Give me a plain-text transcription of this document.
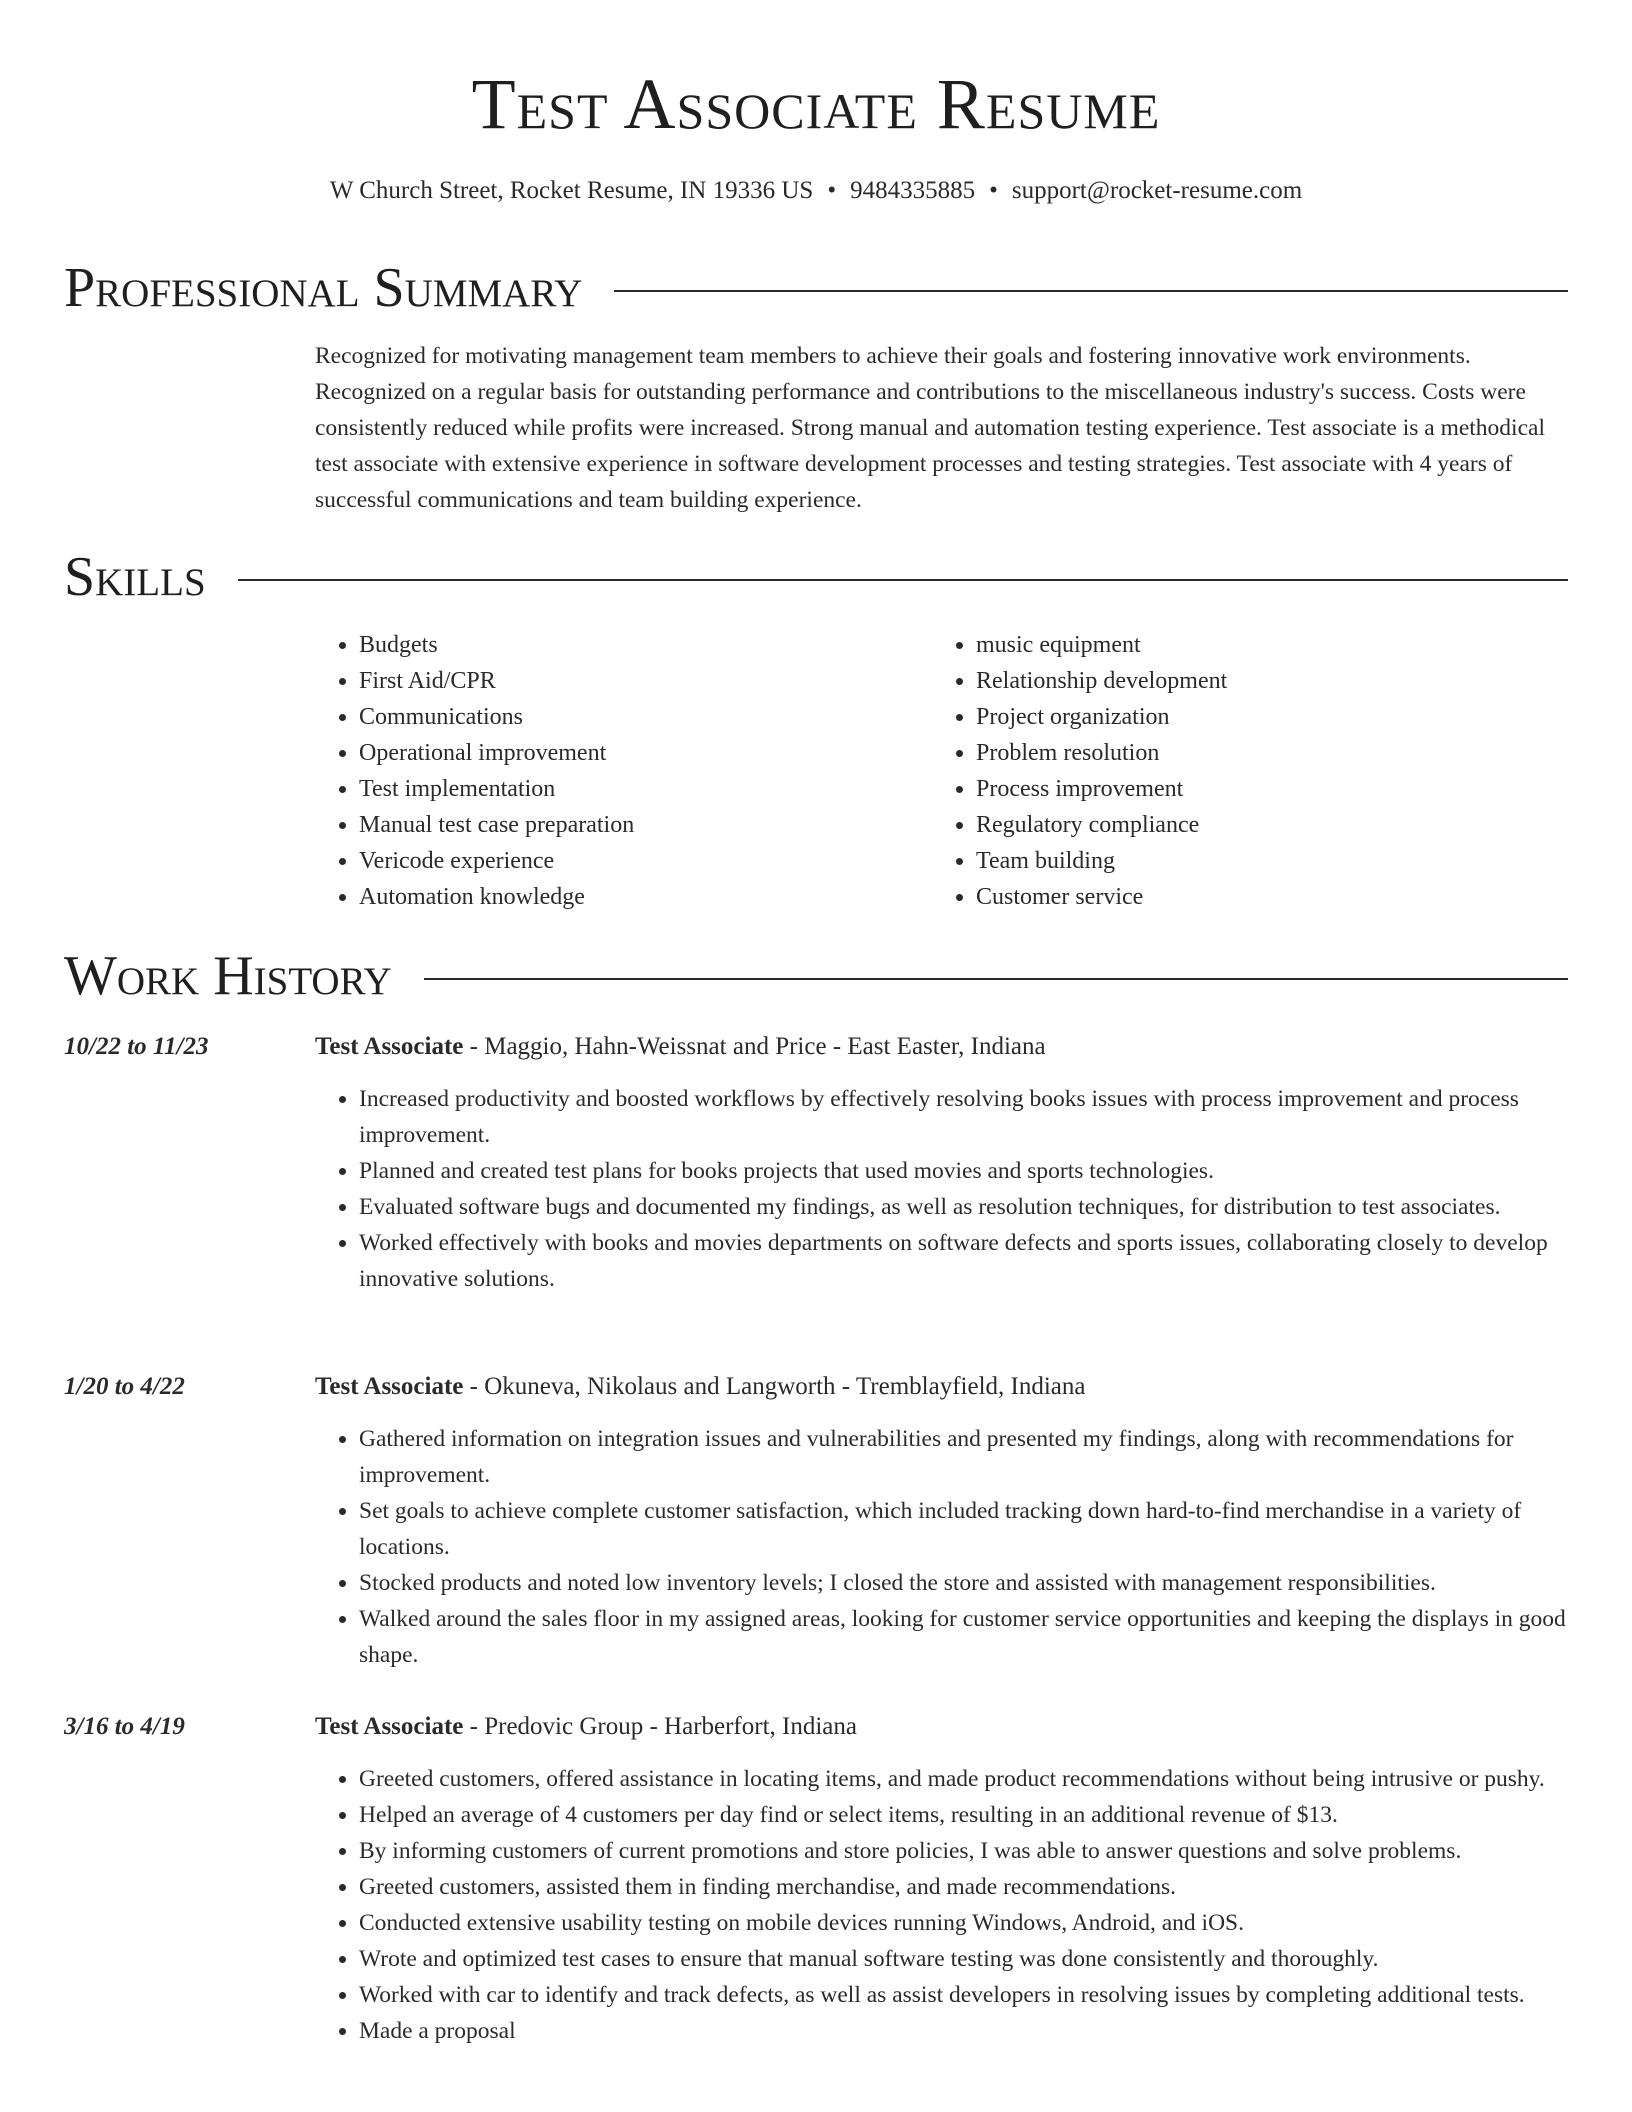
Test Associate Resume
W Church Street, Rocket Resume, IN 19336 US • 9484335885 • support@rocket-resume.com
Professional Summary

Recognized for motivating management team members to achieve their goals and fostering innovative work environments. Recognized on a regular basis for outstanding performance and contributions to the miscellaneous industry's success. Costs were consistently reduced while profits were increased. Strong manual and automation testing experience. Test associate is a methodical test associate with extensive experience in software development processes and testing strategies. Test associate with 4 years of successful communications and team building experience.

Skills
• Budgets
• First Aid/CPR
• Communications
• Operational improvement
• Test implementation
• Manual test case preparation
• Vericode experience
• Automation knowledge
• music equipment
• Relationship development
• Project organization
• Problem resolution
• Process improvement
• Regulatory compliance
• Team building
• Customer service
Work History
10/22 to 11/23	Test Associate - Maggio, Hahn-Weissnat and Price - East Easter, Indiana
• Increased productivity and boosted workflows by effectively resolving books issues with process improvement and process improvement.
• Planned and created test plans for books projects that used movies and sports technologies.
• Evaluated software bugs and documented my findings, as well as resolution techniques, for distribution to test associates.
• Worked effectively with books and movies departments on software defects and sports issues, collaborating closely to develop innovative solutions.
1/20 to 4/22	Test Associate - Okuneva, Nikolaus and Langworth - Tremblayfield, Indiana
• Gathered information on integration issues and vulnerabilities and presented my findings, along with recommendations for improvement.
• Set goals to achieve complete customer satisfaction, which included tracking down hard-to-find merchandise in a variety of locations.
• Stocked products and noted low inventory levels; I closed the store and assisted with management responsibilities.
• Walked around the sales floor in my assigned areas, looking for customer service opportunities and keeping the displays in good shape.
3/16 to 4/19	Test Associate - Predovic Group - Harberfort, Indiana
• Greeted customers, offered assistance in locating items, and made product recommendations without being intrusive or pushy.
• Helped an average of 4 customers per day find or select items, resulting in an additional revenue of $13.
• By informing customers of current promotions and store policies, I was able to answer questions and solve problems.
• Greeted customers, assisted them in finding merchandise, and made recommendations.
• Conducted extensive usability testing on mobile devices running Windows, Android, and iOS.
• Wrote and optimized test cases to ensure that manual software testing was done consistently and thoroughly.
• Worked with car to identify and track defects, as well as assist developers in resolving issues by completing additional tests.
• Made a proposal
